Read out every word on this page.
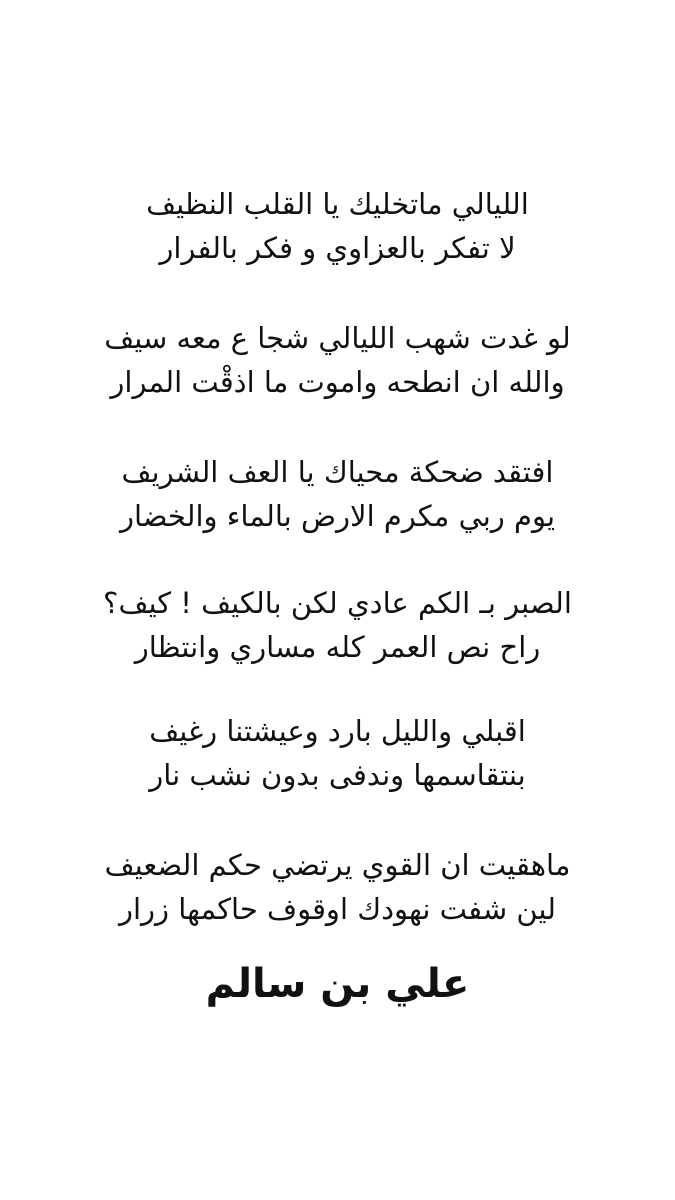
الليالي ماتخليك يا القلب النظيف
لا تفكر بالعزاوي و فكر بالفرار
لو غدت شهب الليالي شجا ع معه سيف
والله ان انطحه واموت ما اذقْت المرار
افتقد ضحكة محياك يا العف الشريف
يوم ربي مكرم الارض بالماء والخضار
الصبر بـ الكم عادي لكن بالكيف ! كيف؟
راح نص العمر كله مساري وانتظار
اقبلي والليل بارد وعيشتنا رغيف
بنتقاسمها وندفى بدون نشب نار
ماهقيت ان القوي يرتضي حكم الضعيف
لين شفت نهودك اوقوف حاكمها زرار
علي بن سالم
